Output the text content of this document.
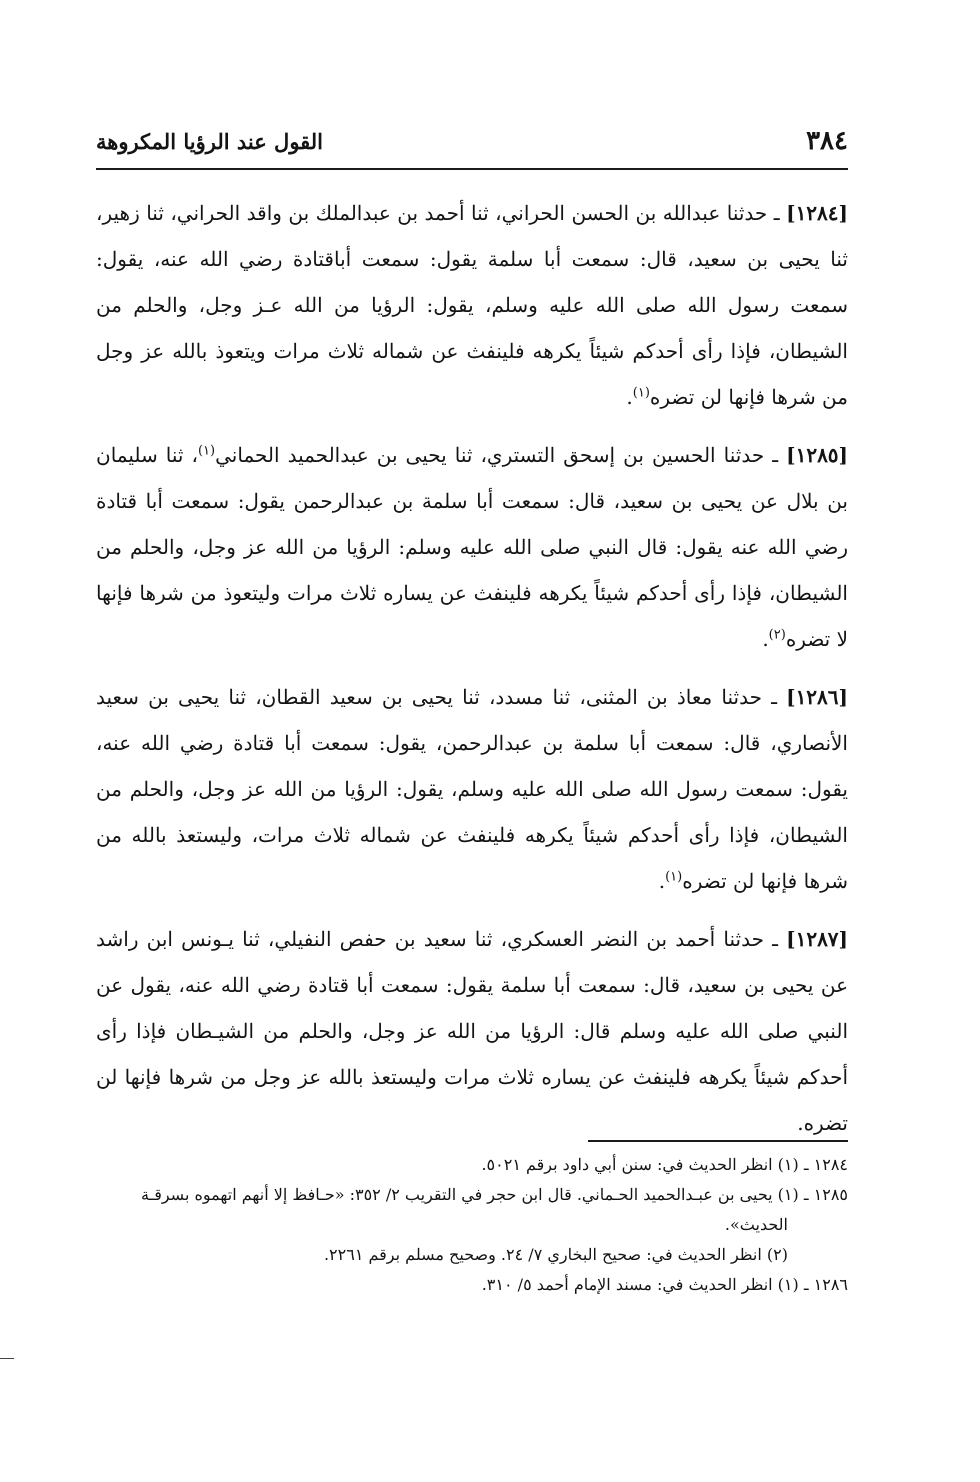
٣٨٤
القول عند الرؤيا المكروهة

[١٢٨٤] ـ حدثنا عبدالله بن الحسن الحراني، ثنا أحمد بن عبدالملك بن واقد الحراني، ثنا زهير، ثنا يحيى بن سعيد، قال: سمعت أبا سلمة يقول: سمعت أباقتادة رضي الله عنه، يقول: سمعت رسول الله صلى الله عليه وسلم، يقول: الرؤيا من الله عـز وجل، والحلم من الشيطان، فإذا رأى أحدكم شيئاً يكرهه فلينفث عن شماله ثلاث مرات ويتعوذ بالله عز وجل من شرها فإنها لن تضره$^{(١)}$.

[١٢٨٥] ـ حدثنا الحسين بن إسحق التستري، ثنا يحيى بن عبدالحميد الحماني$^{(١)}$، ثنا سليمان بن بلال عن يحيى بن سعيد، قال: سمعت أبا سلمة بن عبدالرحمن يقول: سمعت أبا قتادة رضي الله عنه يقول: قال النبي صلى الله عليه وسلم: الرؤيا من الله عز وجل، والحلم من الشيطان، فإذا رأى أحدكم شيئاً يكرهه فلينفث عن يساره ثلاث مرات وليتعوذ من شرها فإنها لا تضره$^{(٢)}$.

[١٢٨٦] ـ حدثنا معاذ بن المثنى، ثنا مسدد، ثنا يحيى بن سعيد القطان، ثنا يحيى بن سعيد الأنصاري، قال: سمعت أبا سلمة بن عبدالرحمن، يقول: سمعت أبا قتادة رضي الله عنه، يقول: سمعت رسول الله صلى الله عليه وسلم، يقول: الرؤيا من الله عز وجل، والحلم من الشيطان، فإذا رأى أحدكم شيئاً يكرهه فلينفث عن شماله ثلاث مرات، وليستعذ بالله من شرها فإنها لن تضره$^{(١)}$.

[١٢٨٧] ـ حدثنا أحمد بن النضر العسكري، ثنا سعيد بن حفص النفيلي، ثنا يـونس ابن راشد عن يحيى بن سعيد، قال: سمعت أبا سلمة يقول: سمعت أبا قتادة رضي الله عنه، يقول عن النبي صلى الله عليه وسلم قال: الرؤيا من الله عز وجل، والحلم من الشيـطان فإذا رأى أحدكم شيئاً يكرهه فلينفث عن يساره ثلاث مرات وليستعذ بالله عز وجل من شرها فإنها لن تضره.

١٢٨٤ ـ (١) انظر الحديث في: سنن أبي داود برقم ٥٠٢١.

١٢٨٥ ـ (١) يحيى بن عبـدالحميد الحـماني. قال ابن حجر في التقريب ٢/ ٣٥٢: «حـافظ إلا أنهم اتهموه بسرقـة

الحديث».

(٢) انظر الحديث في: صحيح البخاري ٧/ ٢٤. وصحيح مسلم برقم ٢٢٦١.

١٢٨٦ ـ (١) انظر الحديث في: مسند الإمام أحمد ٥/ ٣١٠.
